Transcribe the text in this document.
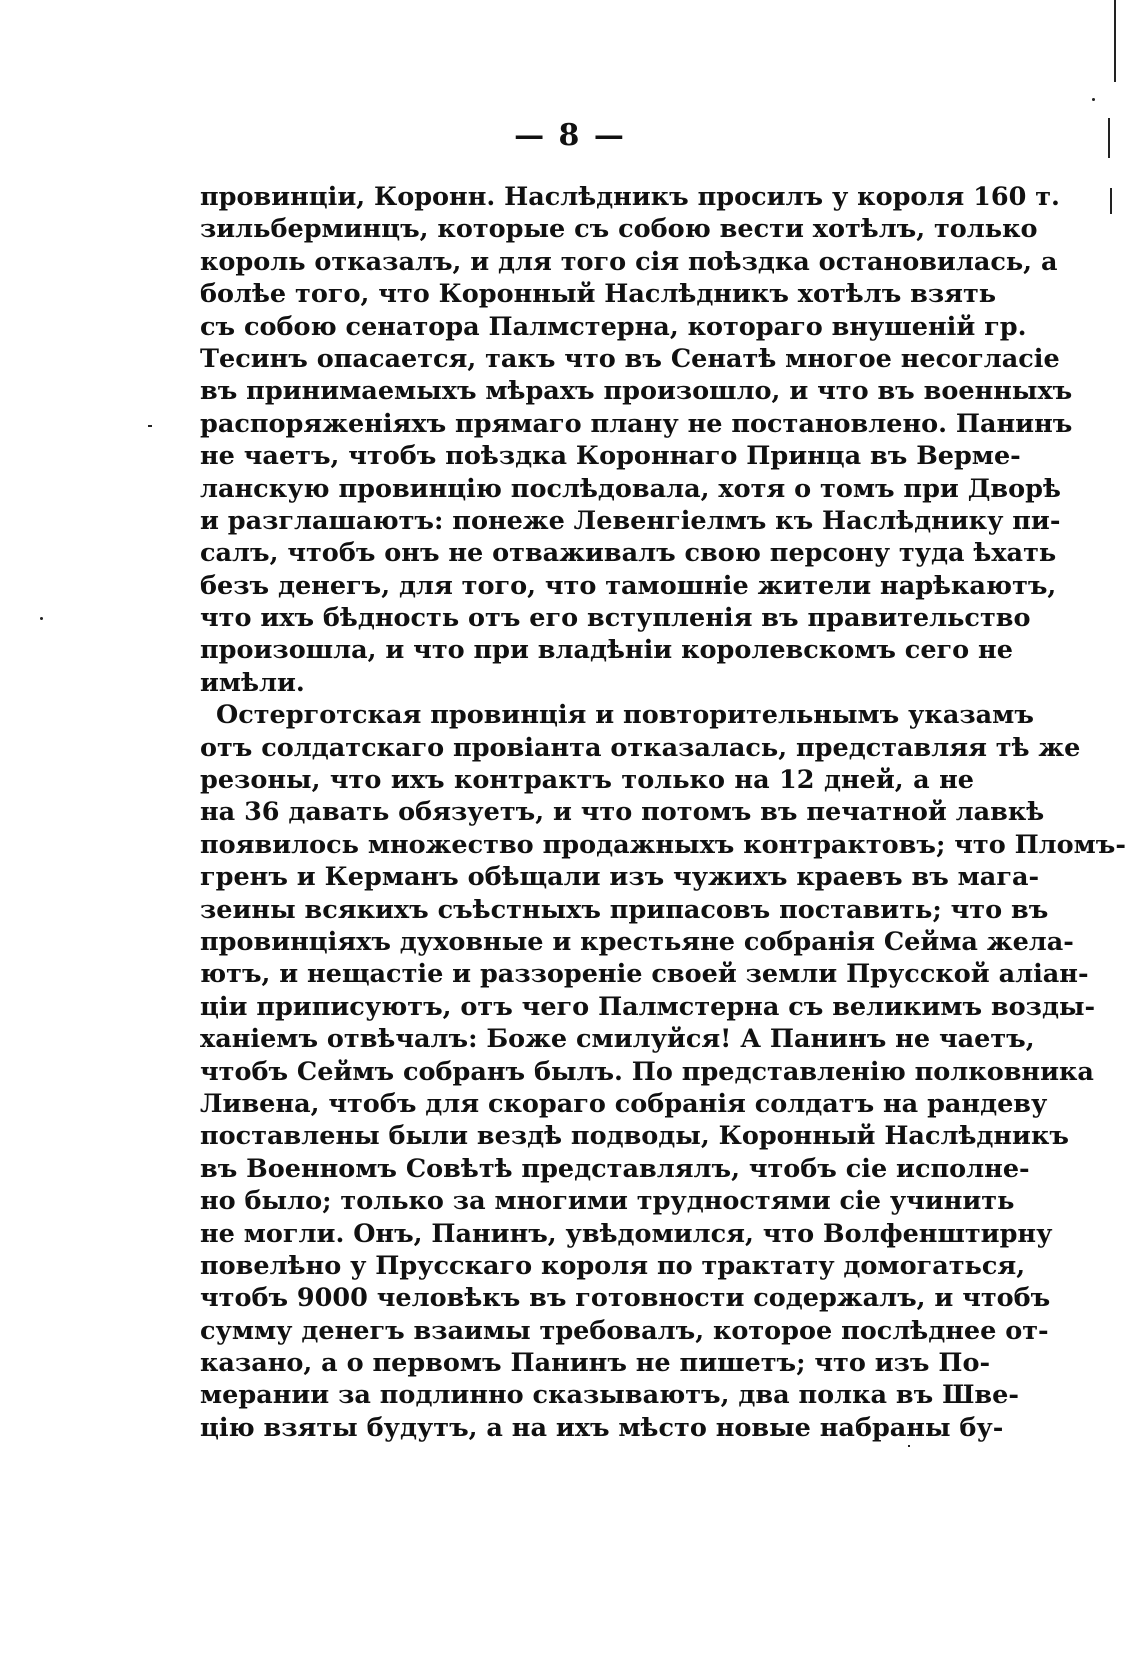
— 8 —
провинціи, Коронн. Наслѣдникъ просилъ у короля 160 т.
зильберминцъ, которые съ собою вести хотѣлъ, только
король отказалъ, и для того сія поѣздка остановилась, а
болѣе того, что Коронный Наслѣдникъ хотѣлъ взять
съ собою сенатора Палмстерна, котораго внушеній гр.
Тесинъ опасается, такъ что въ Сенатѣ многое несогласіе
въ принимаемыхъ мѣрахъ произошло, и что въ военныхъ
распоряженіяхъ прямаго плану не постановлено. Панинъ
не чаетъ, чтобъ поѣздка Короннаго Принца въ Верме-
ланскую провинцію послѣдовала, хотя о томъ при Дворѣ
и разглашаютъ: понеже Левенгіелмъ къ Наслѣднику пи-
салъ, чтобъ онъ не отваживалъ свою персону туда ѣхать
безъ денегъ, для того, что тамошніе жители нарѣкаютъ,
что ихъ бѣдность отъ его вступленія въ правительство
произошла, и что при владѣніи королевскомъ сего не
имѣли.
Остерготская провинція и повторительнымъ указамъ
отъ солдатскаго провіанта отказалась, представляя тѣ же
резоны, что ихъ контрактъ только на 12 дней, а не
на 36 давать обязуетъ, и что потомъ въ печатной лавкѣ
появилось множество продажныхъ контрактовъ; что Пломъ-
гренъ и Керманъ обѣщали изъ чужихъ краевъ въ мага-
зеины всякихъ съѣстныхъ припасовъ поставить; что въ
провинціяхъ духовные и крестьяне собранія Сейма жела-
ютъ, и нещастіе и раззореніе своей земли Прусской аліан-
ціи приписуютъ, отъ чего Палмстерна съ великимъ возды-
ханіемъ отвѣчалъ: Боже смилуйся! А Панинъ не чаетъ,
чтобъ Сеймъ собранъ былъ. По представленію полковника
Ливена, чтобъ для скораго собранія солдатъ на рандеву
поставлены были вездѣ подводы, Коронный Наслѣдникъ
въ Военномъ Совѣтѣ представлялъ, чтобъ сіе исполне-
но было; только за многими трудностями сіе учинить
не могли. Онъ, Панинъ, увѣдомился, что Волфенштирну
повелѣно у Прусскаго короля по трактату домогаться,
чтобъ 9000 человѣкъ въ готовности содержалъ, и чтобъ
сумму денегъ взаимы требовалъ, которое послѣднее от-
казано, а о первомъ Панинъ не пишетъ; что изъ По-
мерании за подлинно сказываютъ, два полка въ Шве-
цію взяты будутъ, а на ихъ мѣсто новые набраны бу-
